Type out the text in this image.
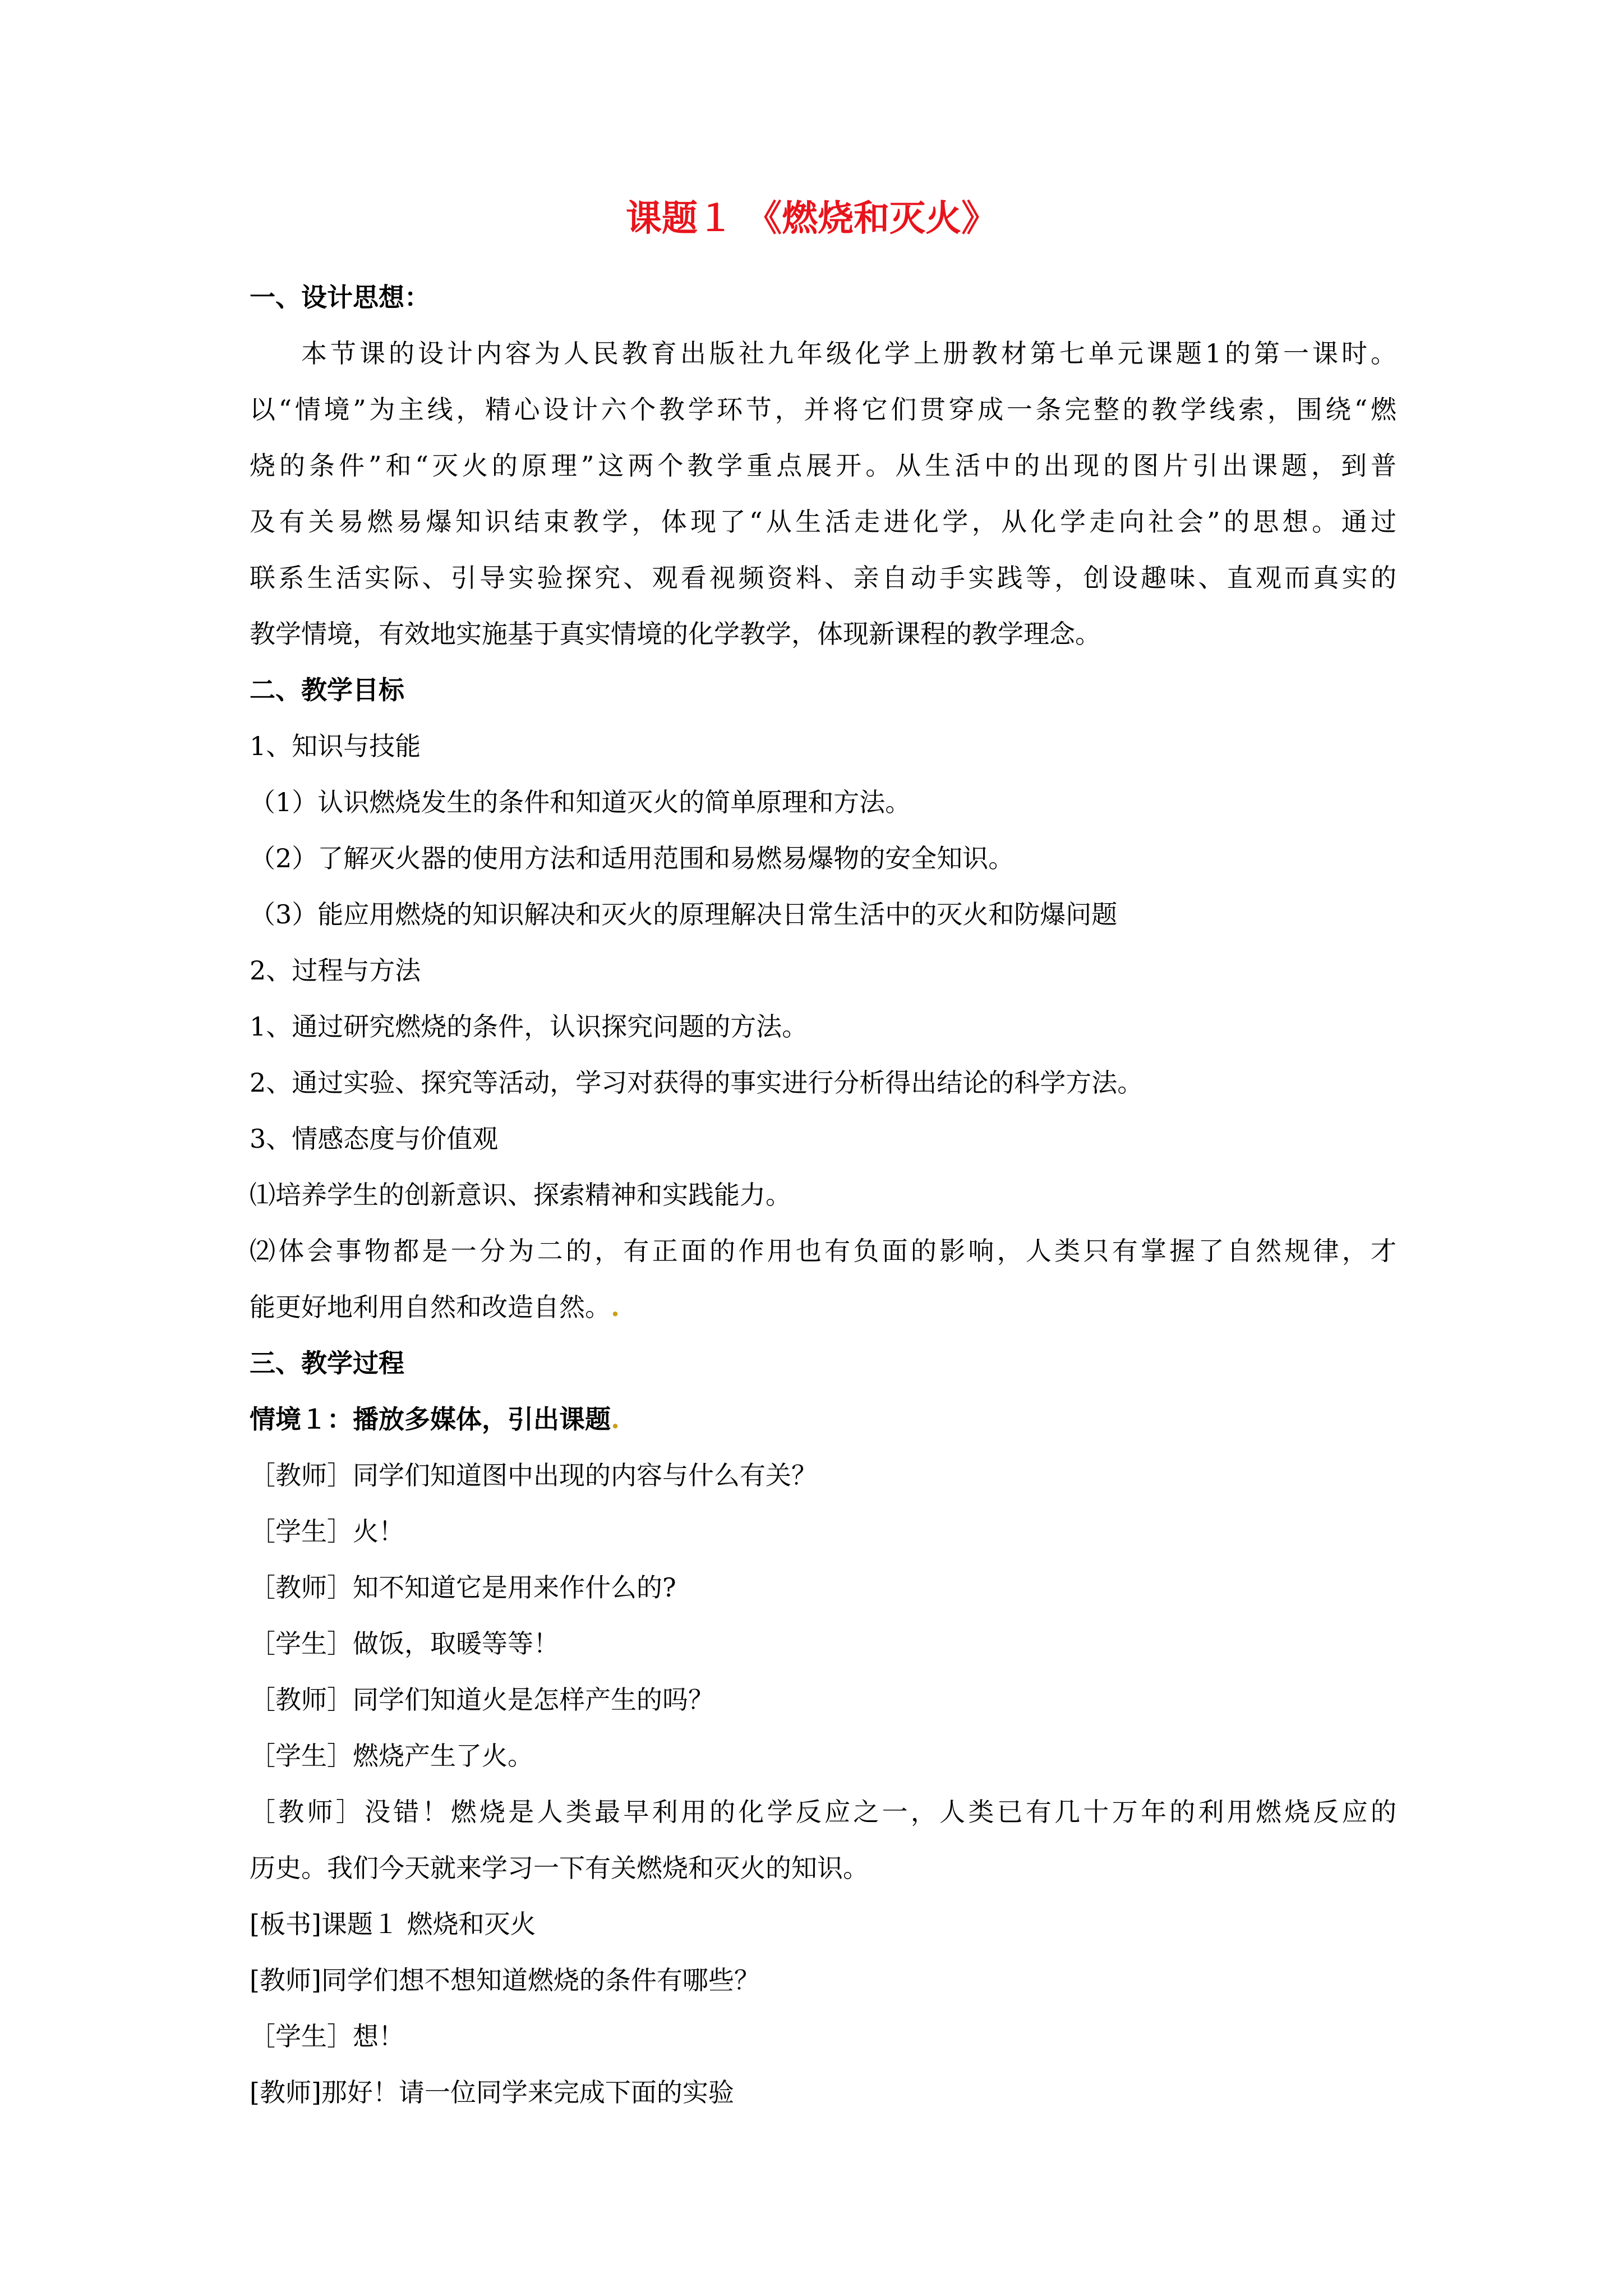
课题１ 《燃烧和灭火》
一、设计思想：
本节课的设计内容为人民教育出版社九年级化学上册教材第七单元课题1的第一课时。
以“情境”为主线，精心设计六个教学环节，并将它们贯穿成一条完整的教学线索，围绕“燃
烧的条件”和“灭火的原理”这两个教学重点展开。从生活中的出现的图片引出课题，到普
及有关易燃易爆知识结束教学，体现了“从生活走进化学，从化学走向社会”的思想。通过
联系生活实际、引导实验探究、观看视频资料、亲自动手实践等，创设趣味、直观而真实的
教学情境，有效地实施基于真实情境的化学教学，体现新课程的教学理念。
二、教学目标
1、知识与技能
（1）认识燃烧发生的条件和知道灭火的简单原理和方法。
（2）了解灭火器的使用方法和适用范围和易燃易爆物的安全知识。
（3）能应用燃烧的知识解决和灭火的原理解决日常生活中的灭火和防爆问题
2、过程与方法
1、通过研究燃烧的条件，认识探究问题的方法。
2、通过实验、探究等活动，学习对获得的事实进行分析得出结论的科学方法。
3、情感态度与价值观
⑴培养学生的创新意识、探索精神和实践能力。
⑵体会事物都是一分为二的，有正面的作用也有负面的影响，人类只有掌握了自然规律，才
能更好地利用自然和改造自然。.
三、教学过程
情境１：播放多媒体，引出课题.
［教师］同学们知道图中出现的内容与什么有关？
［学生］火！
［教师］知不知道它是用来作什么的?
［学生］做饭，取暖等等！
［教师］同学们知道火是怎样产生的吗？
［学生］燃烧产生了火。
［教师］没错！燃烧是人类最早利用的化学反应之一，人类已有几十万年的利用燃烧反应的
历史。我们今天就来学习一下有关燃烧和灭火的知识。
[板书]课题１ 燃烧和灭火
[教师]同学们想不想知道燃烧的条件有哪些？
［学生］想！
[教师]那好！请一位同学来完成下面的实验
